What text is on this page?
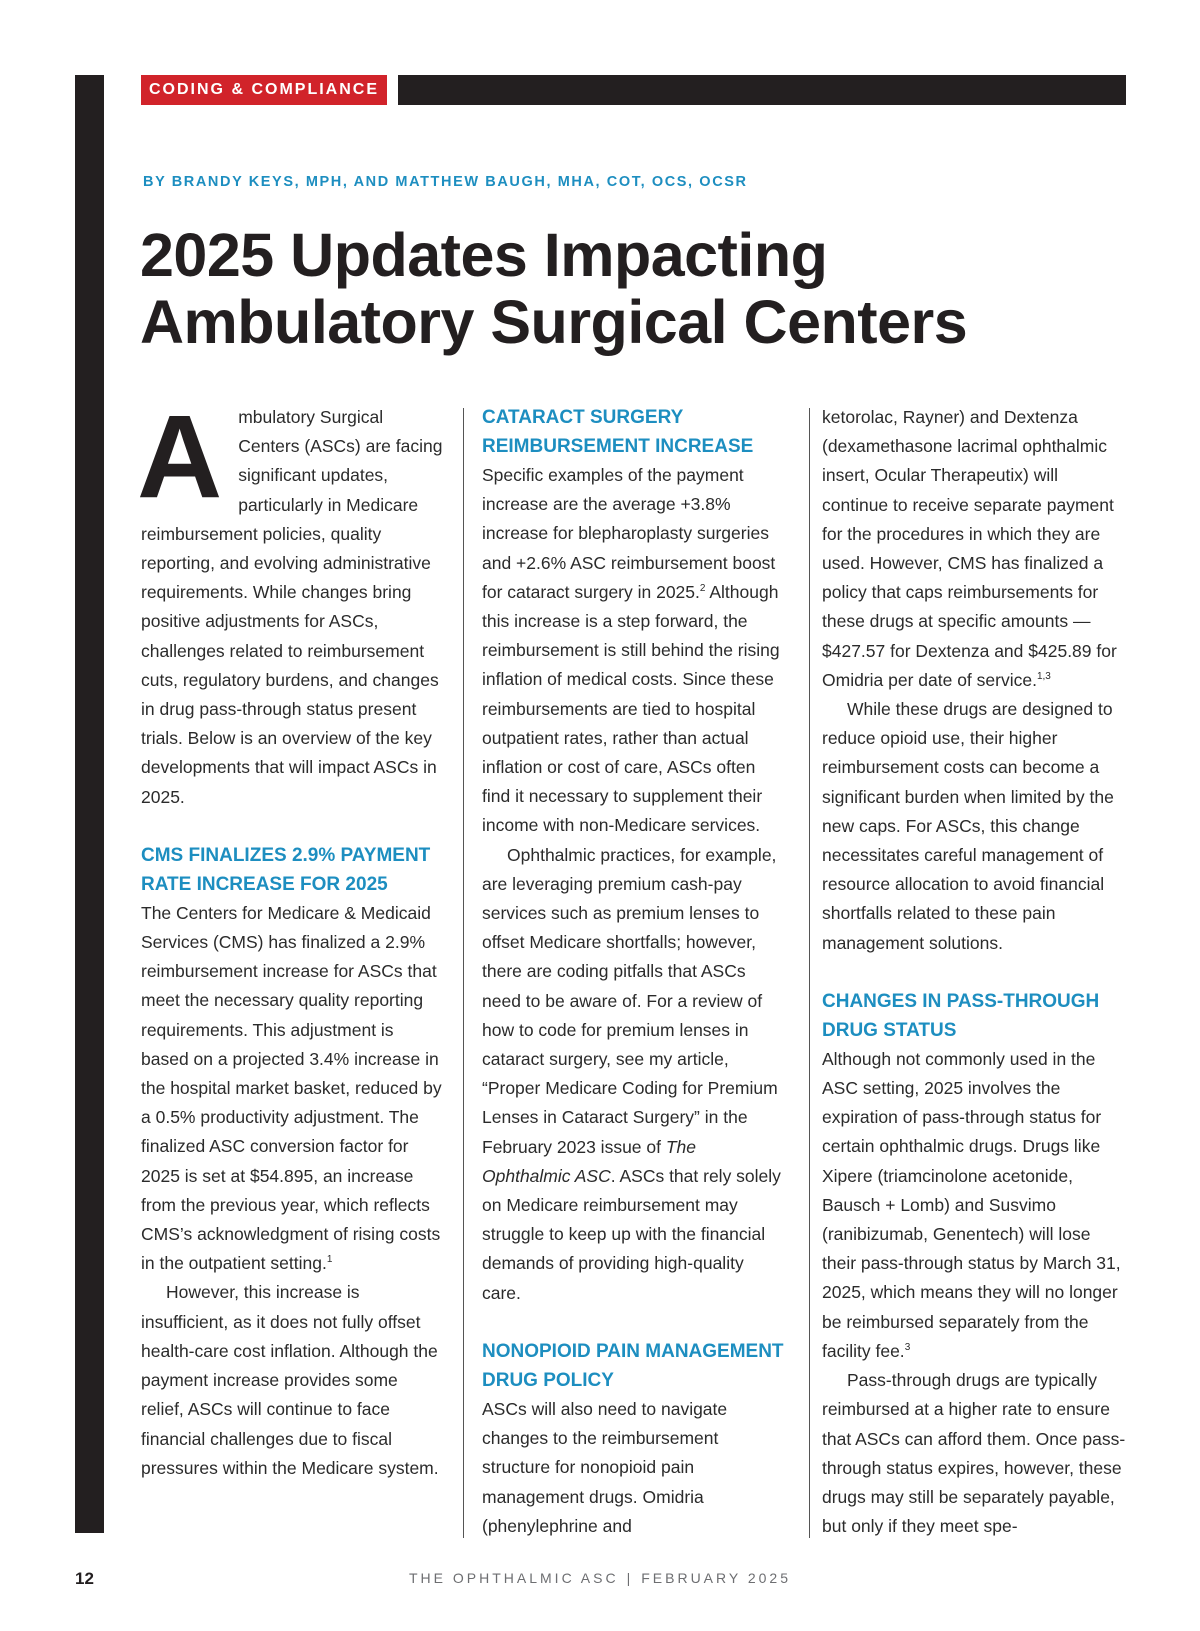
CODING & COMPLIANCE
BY BRANDY KEYS, MPH, AND MATTHEW BAUGH, MHA, COT, OCS, OCSR
2025 Updates Impacting
Ambulatory Surgical Centers

Ambulatory Surgical Centers (ASCs) are facing significant updates, particularly in Medicare reimbursement policies, quality reporting, and evolving administrative requirements. While changes bring positive adjustments for ASCs, challenges related to reimbursement cuts, regulatory burdens, and changes in drug pass-through status present trials. Below is an overview of the key developments that will impact ASCs in 2025.

CMS FINALIZES 2.9% PAYMENT RATE INCREASE FOR 2025

The Centers for Medicare & Medicaid Services (CMS) has finalized a 2.9% reimbursement increase for ASCs that meet the necessary quality reporting requirements. This adjustment is based on a projected 3.4% increase in the hospital market basket, reduced by a 0.5% productivity adjustment. The finalized ASC conversion factor for 2025 is set at $54.895, an increase from the previous year, which reflects CMS’s acknowledgment of rising costs in the outpatient setting.$^1$

However, this increase is insufficient, as it does not fully offset health-care cost inflation. Although the payment increase provides some relief, ASCs will continue to face financial challenges due to fiscal pressures within the Medicare system.

CATARACT SURGERY REIMBURSEMENT INCREASE

Specific examples of the payment increase are the average +3.8% increase for blepharoplasty surgeries and +2.6% ASC reimbursement boost for cataract surgery in 2025.$^2$ Although this increase is a step forward, the reimbursement is still behind the rising inflation of medical costs. Since these reimbursements are tied to hospital outpatient rates, rather than actual inflation or cost of care, ASCs often find it necessary to supplement their income with non-Medicare services.

Ophthalmic practices, for example, are leveraging premium cash-pay services such as premium lenses to offset Medicare shortfalls; however, there are coding pitfalls that ASCs need to be aware of. For a review of how to code for premium lenses in cataract surgery, see my article, “Proper Medicare Coding for Premium Lenses in Cataract Surgery” in the February 2023 issue of The Ophthalmic ASC. ASCs that rely solely on Medicare reimbursement may struggle to keep up with the financial demands of providing high-quality care.

NONOPIOID PAIN MANAGEMENT DRUG POLICY

ASCs will also need to navigate changes to the reimbursement structure for nonopioid pain management drugs. Omidria (phenylephrine and

ketorolac, Rayner) and Dextenza (dexamethasone lacrimal ophthalmic insert, Ocular Therapeutix) will continue to receive separate payment for the procedures in which they are used. However, CMS has finalized a policy that caps reimbursements for these drugs at specific amounts — $427.57 for Dextenza and $425.89 for Omidria per date of service.$^{1,3}$

While these drugs are designed to reduce opioid use, their higher reimbursement costs can become a significant burden when limited by the new caps. For ASCs, this change necessitates careful management of resource allocation to avoid financial shortfalls related to these pain management solutions.

CHANGES IN PASS-THROUGH DRUG STATUS

Although not commonly used in the ASC setting, 2025 involves the expiration of pass-through status for certain ophthalmic drugs. Drugs like Xipere (triamcinolone acetonide, Bausch + Lomb) and Susvimo (ranibizumab, Genentech) will lose their pass-through status by March 31, 2025, which means they will no longer be reimbursed separately from the facility fee.$^3$

Pass-through drugs are typically reimbursed at a higher rate to ensure that ASCs can afford them. Once pass-through status expires, however, these drugs may still be separately payable, but only if they meet spe-

12	THE OPHTHALMIC ASC | FEBRUARY 2025
